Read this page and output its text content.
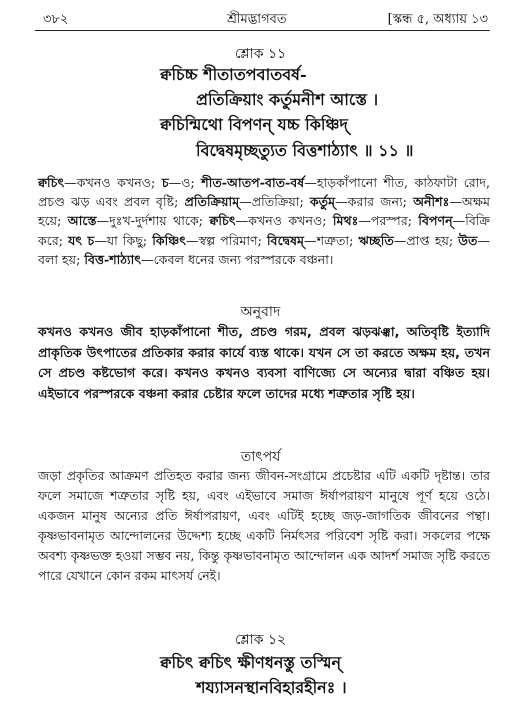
৩৮২	শ্রীমদ্ভাগবত	[স্কন্ধ ৫, অধ্যায় ১৩
শ্লোক ১১
ক্বচিচ্চ শীতাতপবাতবর্ষ-
প্রতিক্রিয়াং কর্তুমনীশ আস্তে ।
ক্বচিন্মিথো বিপণন্ যচ্চ কিঞ্চিদ্
বিদ্বেষমৃচ্ছত্যুত বিত্তশাঠ্যাৎ ॥ ১১ ॥
ক্বচিৎ—কখনও কখনও; চ—ও; শীত-আতপ-বাত-বর্ষ—হাড়কাঁপানো শীত, কাঠফাটা রোদ, প্রচণ্ড ঝড় এবং প্রবল বৃষ্টি; প্রতিক্রিয়াম্—প্রতিক্রিয়া; কর্তুম্—করার জন্য; অনীশঃ—অক্ষম হয়ে; আস্তে—দুঃখ-দুর্দশায় থাকে; ক্বচিৎ—কখনও কখনও; মিথঃ—পরস্পর; বিপণন্—বিক্রি করে; যৎ চ—যা কিছু; কিঞ্চিৎ—স্বল্প পরিমাণ; বিদ্বেষম্—শত্রুতা; ঋচ্ছতি—প্রাপ্ত হয়; উত—বলা হয়; বিত্ত-শাঠ্যাৎ—কেবল ধনের জন্য পরস্পরকে বঞ্চনা।
অনুবাদ
কখনও কখনও জীব হাড়কাঁপানো শীত, প্রচণ্ড গরম, প্রবল ঝড়ঝঞ্ঝা, অতিবৃষ্টি ইত্যাদি প্রাকৃতিক উৎপাতের প্রতিকার করার কার্যে ব্যস্ত থাকে। যখন সে তা করতে অক্ষম হয়, তখন সে প্রচণ্ড কষ্টভোগ করে। কখনও কখনও ব্যবসা বাণিজ্যে সে অন্যের দ্বারা বঞ্চিত হয়। এইভাবে পরস্পরকে বঞ্চনা করার চেষ্টার ফলে তাদের মধ্যে শত্রুতার সৃষ্টি হয়।
তাৎপর্য
জড়া প্রকৃতির আক্রমণ প্রতিহত করার জন্য জীবন-সংগ্রামে প্রচেষ্টার এটি একটি দৃষ্টান্ত। তার ফলে সমাজে শত্রুতার সৃষ্টি হয়, এবং এইভাবে সমাজ ঈর্ষাপরায়ণ মানুষে পূর্ণ হয়ে ওঠে। একজন মানুষ অন্যের প্রতি ঈর্ষাপরায়ণ, এবং এটিই হচ্ছে জড়-জাগতিক জীবনের পন্থা। কৃষ্ণভাবনামৃত আন্দোলনের উদ্দেশ্য হচ্ছে একটি নির্মৎসর পরিবেশ সৃষ্টি করা। সকলের পক্ষে অবশ্য কৃষ্ণভক্ত হওয়া সম্ভব নয়, কিন্তু কৃষ্ণভাবনামৃত আন্দোলন এক আদর্শ সমাজ সৃষ্টি করতে পারে যেখানে কোন রকম মাৎসর্য নেই।
শ্লোক ১২
ক্বচিৎ ক্বচিৎ ক্ষীণধনস্তু তস্মিন্
শয্যাসনস্থানবিহারহীনঃ ।
